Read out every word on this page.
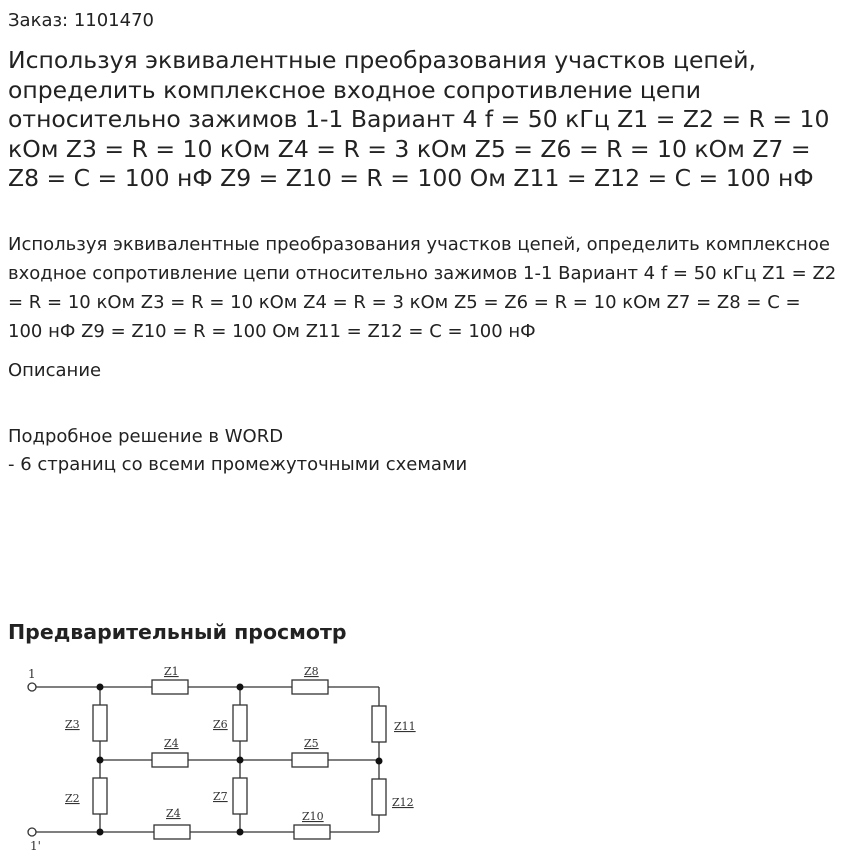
Заказ: 1101470
Используя эквивалентные преобразования участков цепей, определить комплексное входное сопротивление цепи относительно зажимов 1-1 Вариант 4 f = 50 кГц Z1 = Z2 = R = 10 кОм Z3 = R = 10 кОм Z4 = R = 3 кОм Z5 = Z6 = R = 10 кОм Z7 = Z8 = C = 100 нФ Z9 = Z10 = R = 100 Ом Z11 = Z12 = C = 100 нФ
Используя эквивалентные преобразования участков цепей, определить комплексное входное сопротивление цепи относительно зажимов 1-1 Вариант 4 f = 50 кГц Z1 = Z2 = R = 10 кОм Z3 = R = 10 кОм Z4 = R = 3 кОм Z5 = Z6 = R = 10 кОм Z7 = Z8 = C = 100 нФ Z9 = Z10 = R = 100 Ом Z11 = Z12 = C = 100 нФ
Описание
Подробное решение в WORD
- 6 страниц со всеми промежуточными схемами
Предварительный просмотр
1
1'
Z1	Z8
Z4	Z5
Z4	Z10
Z3
Z2
Z6
Z7
Z11
Z12
